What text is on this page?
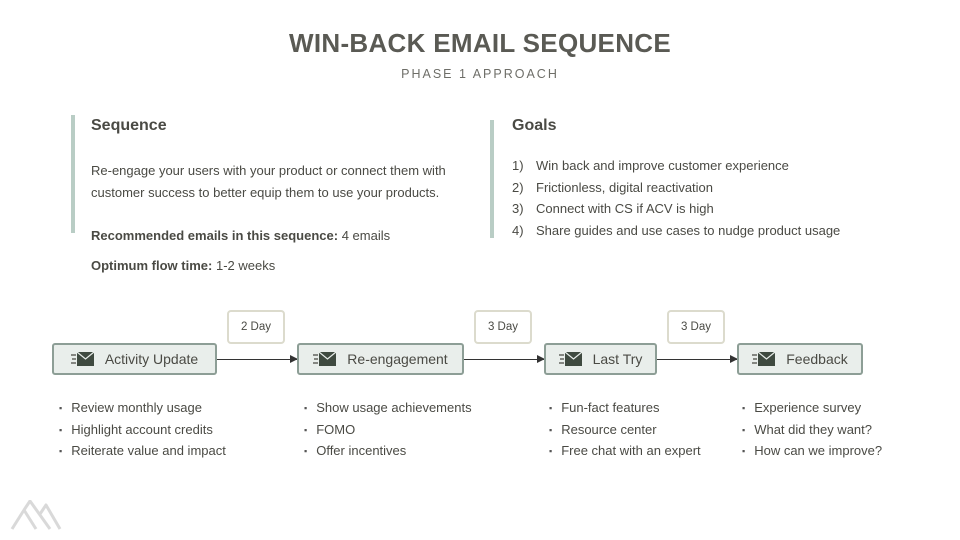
WIN-BACK EMAIL SEQUENCE
PHASE 1 APPROACH
Sequence
Re-engage your users with your product or connect them with customer success to better equip them to use your products.
Recommended emails in this sequence: 4 emails
Optimum flow time: 1-2 weeks
Goals
1) Win back and improve customer experience
2) Frictionless, digital reactivation
3) Connect with CS if ACV is high
4) Share guides and use cases to nudge product usage
2 Day	3 Day	3 Day
Activity Update	Re-engagement	Last Try	Feedback
▪ Review monthly usage
▪ Highlight account credits
▪ Reiterate value and impact
▪ Show usage achievements
▪ FOMO
▪ Offer incentives
▪ Fun-fact features
▪ Resource center
▪ Free chat with an expert
▪ Experience survey
▪ What did they want?
▪ How can we improve?
